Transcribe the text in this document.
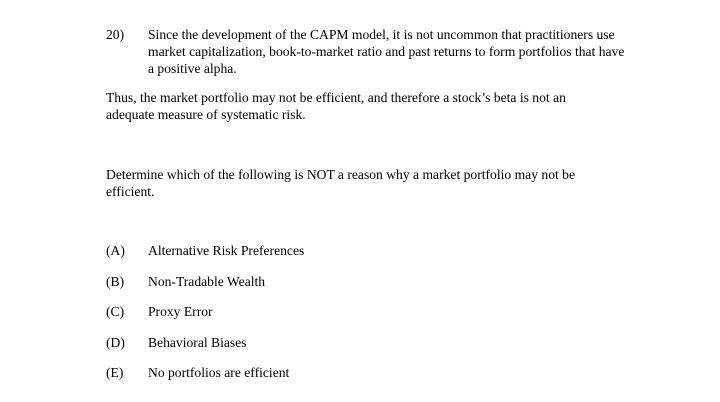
20)	Since the development of the CAPM model, it is not uncommon that practitioners use market capitalization, book-to-market ratio and past returns to form portfolios that have a positive alpha.
Thus, the market portfolio may not be efficient, and therefore a stock’s beta is not an adequate measure of systematic risk.
Determine which of the following is NOT a reason why a market portfolio may not be efficient.
(A)	Alternative Risk Preferences
(B)	Non-Tradable Wealth
(C)	Proxy Error
(D)	Behavioral Biases
(E)	No portfolios are efficient
